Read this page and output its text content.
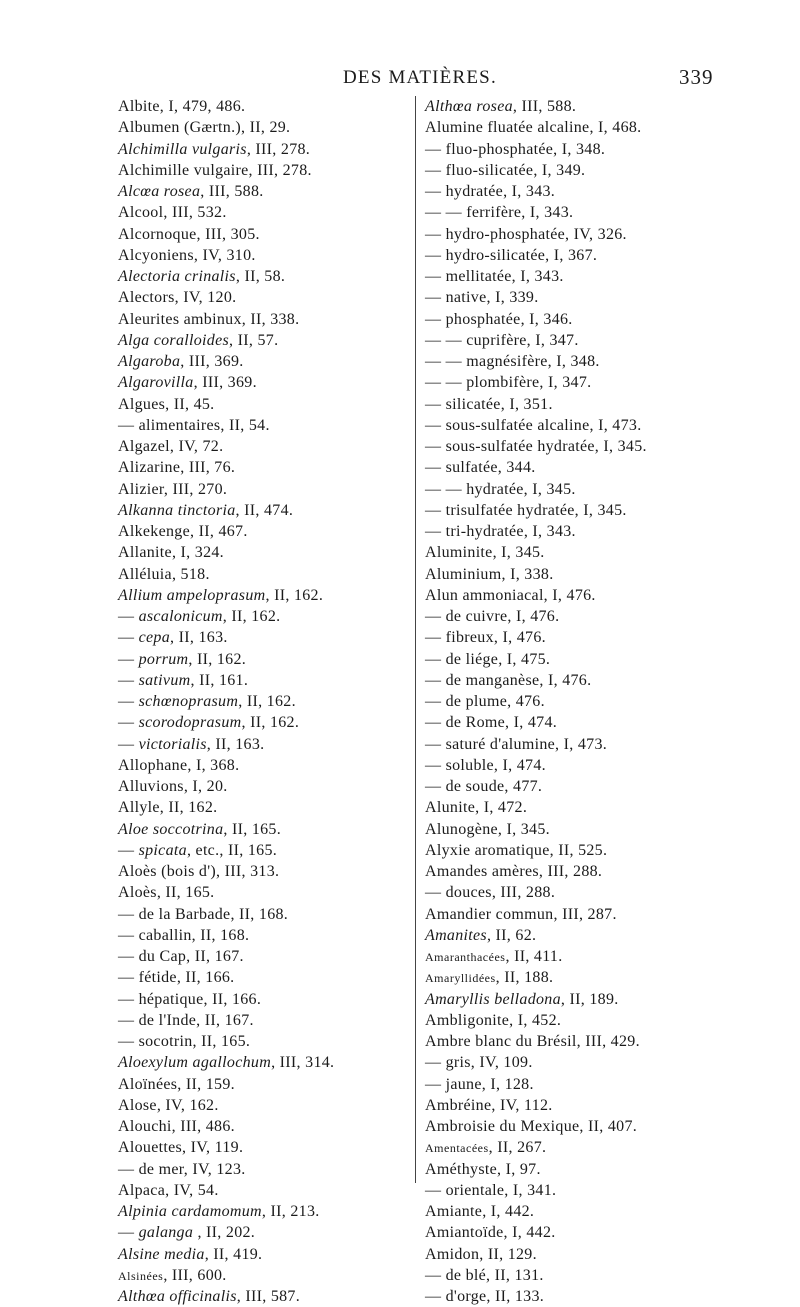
DES MATIÈRES.	339
Albite, I, 479, 486.
Albumen (Gærtn.), II, 29.
Alchimilla vulgaris, III, 278.
Alchimille vulgaire, III, 278.
Alcœa rosea, III, 588.
Alcool, III, 532.
Alcornoque, III, 305.
Alcyoniens, IV, 310.
Alectoria crinalis, II, 58.
Alectors, IV, 120.
Aleurites ambinux, II, 338.
Alga coralloides, II, 57.
Algaroba, III, 369.
Algarovilla, III, 369.
Algues, II, 45.
— alimentaires, II, 54.
Algazel, IV, 72.
Alizarine, III, 76.
Alizier, III, 270.
Alkanna tinctoria, II, 474.
Alkekenge, II, 467.
Allanite, I, 324.
Alléluia, 518.
Allium ampeloprasum, II, 162.
— ascalonicum, II, 162.
— cepa, II, 163.
— porrum, II, 162.
— sativum, II, 161.
— schœnoprasum, II, 162.
— scorodoprasum, II, 162.
— victorialis, II, 163.
Allophane, I, 368.
Alluvions, I, 20.
Allyle, II, 162.
Aloe soccotrina, II, 165.
— spicata, etc., II, 165.
Aloès (bois d'), III, 313.
Aloès, II, 165.
— de la Barbade, II, 168.
— caballin, II, 168.
— du Cap, II, 167.
— fétide, II, 166.
— hépatique, II, 166.
— de l'Inde, II, 167.
— socotrin, II, 165.
Aloexylum agallochum, III, 314.
Aloïnées, II, 159.
Alose, IV, 162.
Alouchi, III, 486.
Alouettes, IV, 119.
— de mer, IV, 123.
Alpaca, IV, 54.
Alpinia cardamomum, II, 213.
— galanga , II, 202.
Alsine media, II, 419.
Alsinées, III, 600.
Althœa officinalis, III, 587.
Althœa rosea, III, 588.
Alumine fluatée alcaline, I, 468.
— fluo-phosphatée, I, 348.
— fluo-silicatée, I, 349.
— hydratée, I, 343.
— — ferrifère, I, 343.
— hydro-phosphatée, IV, 326.
— hydro-silicatée, I, 367.
— mellitatée, I, 343.
— native, I, 339.
— phosphatée, I, 346.
— — cuprifère, I, 347.
— — magnésifère, I, 348.
— — plombifère, I, 347.
— silicatée, I, 351.
— sous-sulfatée alcaline, I, 473.
— sous-sulfatée hydratée, I, 345.
— sulfatée, 344.
— — hydratée, I, 345.
— trisulfatée hydratée, I, 345.
— tri-hydratée, I, 343.
Aluminite, I, 345.
Aluminium, I, 338.
Alun ammoniacal, I, 476.
— de cuivre, I, 476.
— fibreux, I, 476.
— de liége, I, 475.
— de manganèse, I, 476.
— de plume, 476.
— de Rome, I, 474.
— saturé d'alumine, I, 473.
— soluble, I, 474.
— de soude, 477.
Alunite, I, 472.
Alunogène, I, 345.
Alyxie aromatique, II, 525.
Amandes amères, III, 288.
— douces, III, 288.
Amandier commun, III, 287.
Amanites, II, 62.
Amaranthacées, II, 411.
Amaryllidées, II, 188.
Amaryllis belladona, II, 189.
Ambligonite, I, 452.
Ambre blanc du Brésil, III, 429.
— gris, IV, 109.
— jaune, I, 128.
Ambréine, IV, 112.
Ambroisie du Mexique, II, 407.
Amentacées, II, 267.
Améthyste, I, 97.
— orientale, I, 341.
Amiante, I, 442.
Amiantoïde, I, 442.
Amidon, II, 129.
— de blé, II, 131.
— d'orge, II, 133.
